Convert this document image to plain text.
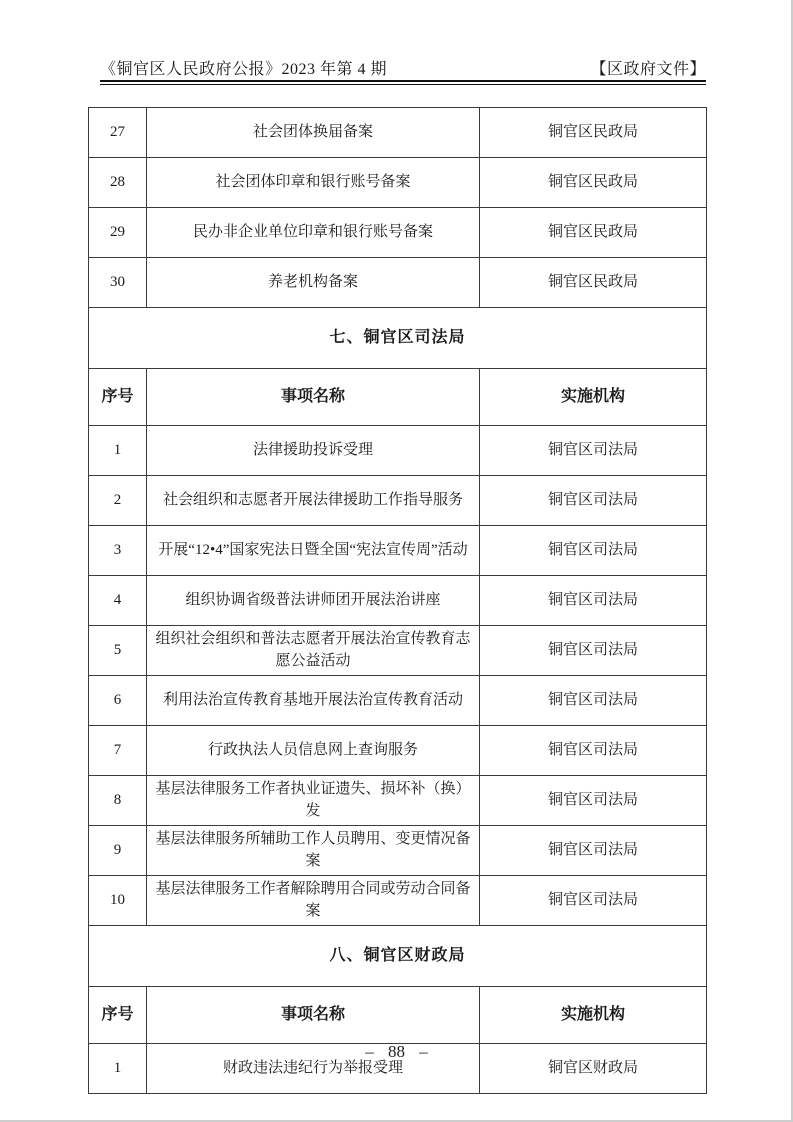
《铜官区人民政府公报》2023 年第 4 期	【区政府文件】
27	社会团体换届备案	铜官区民政局
28	社会团体印章和银行账号备案	铜官区民政局
29	民办非企业单位印章和银行账号备案	铜官区民政局
30	养老机构备案	铜官区民政局
七、铜官区司法局		
序号	事项名称	实施机构
1	法律援助投诉受理	铜官区司法局
2	社会组织和志愿者开展法律援助工作指导服务	铜官区司法局
3	开展“12•4”国家宪法日暨全国“宪法宣传周”活动	铜官区司法局
4	组织协调省级普法讲师团开展法治讲座	铜官区司法局
5	组织社会组织和普法志愿者开展法治宣传教育志愿公益活动	铜官区司法局
6	利用法治宣传教育基地开展法治宣传教育活动	铜官区司法局
7	行政执法人员信息网上查询服务	铜官区司法局
8	基层法律服务工作者执业证遗失、损坏补（换）发	铜官区司法局
9	基层法律服务所辅助工作人员聘用、变更情况备案	铜官区司法局
10	基层法律服务工作者解除聘用合同或劳动合同备案	铜官区司法局
八、铜官区财政局		
序号	事项名称	实施机构
1	财政违法违纪行为举报受理	铜官区财政局
– 88 –
